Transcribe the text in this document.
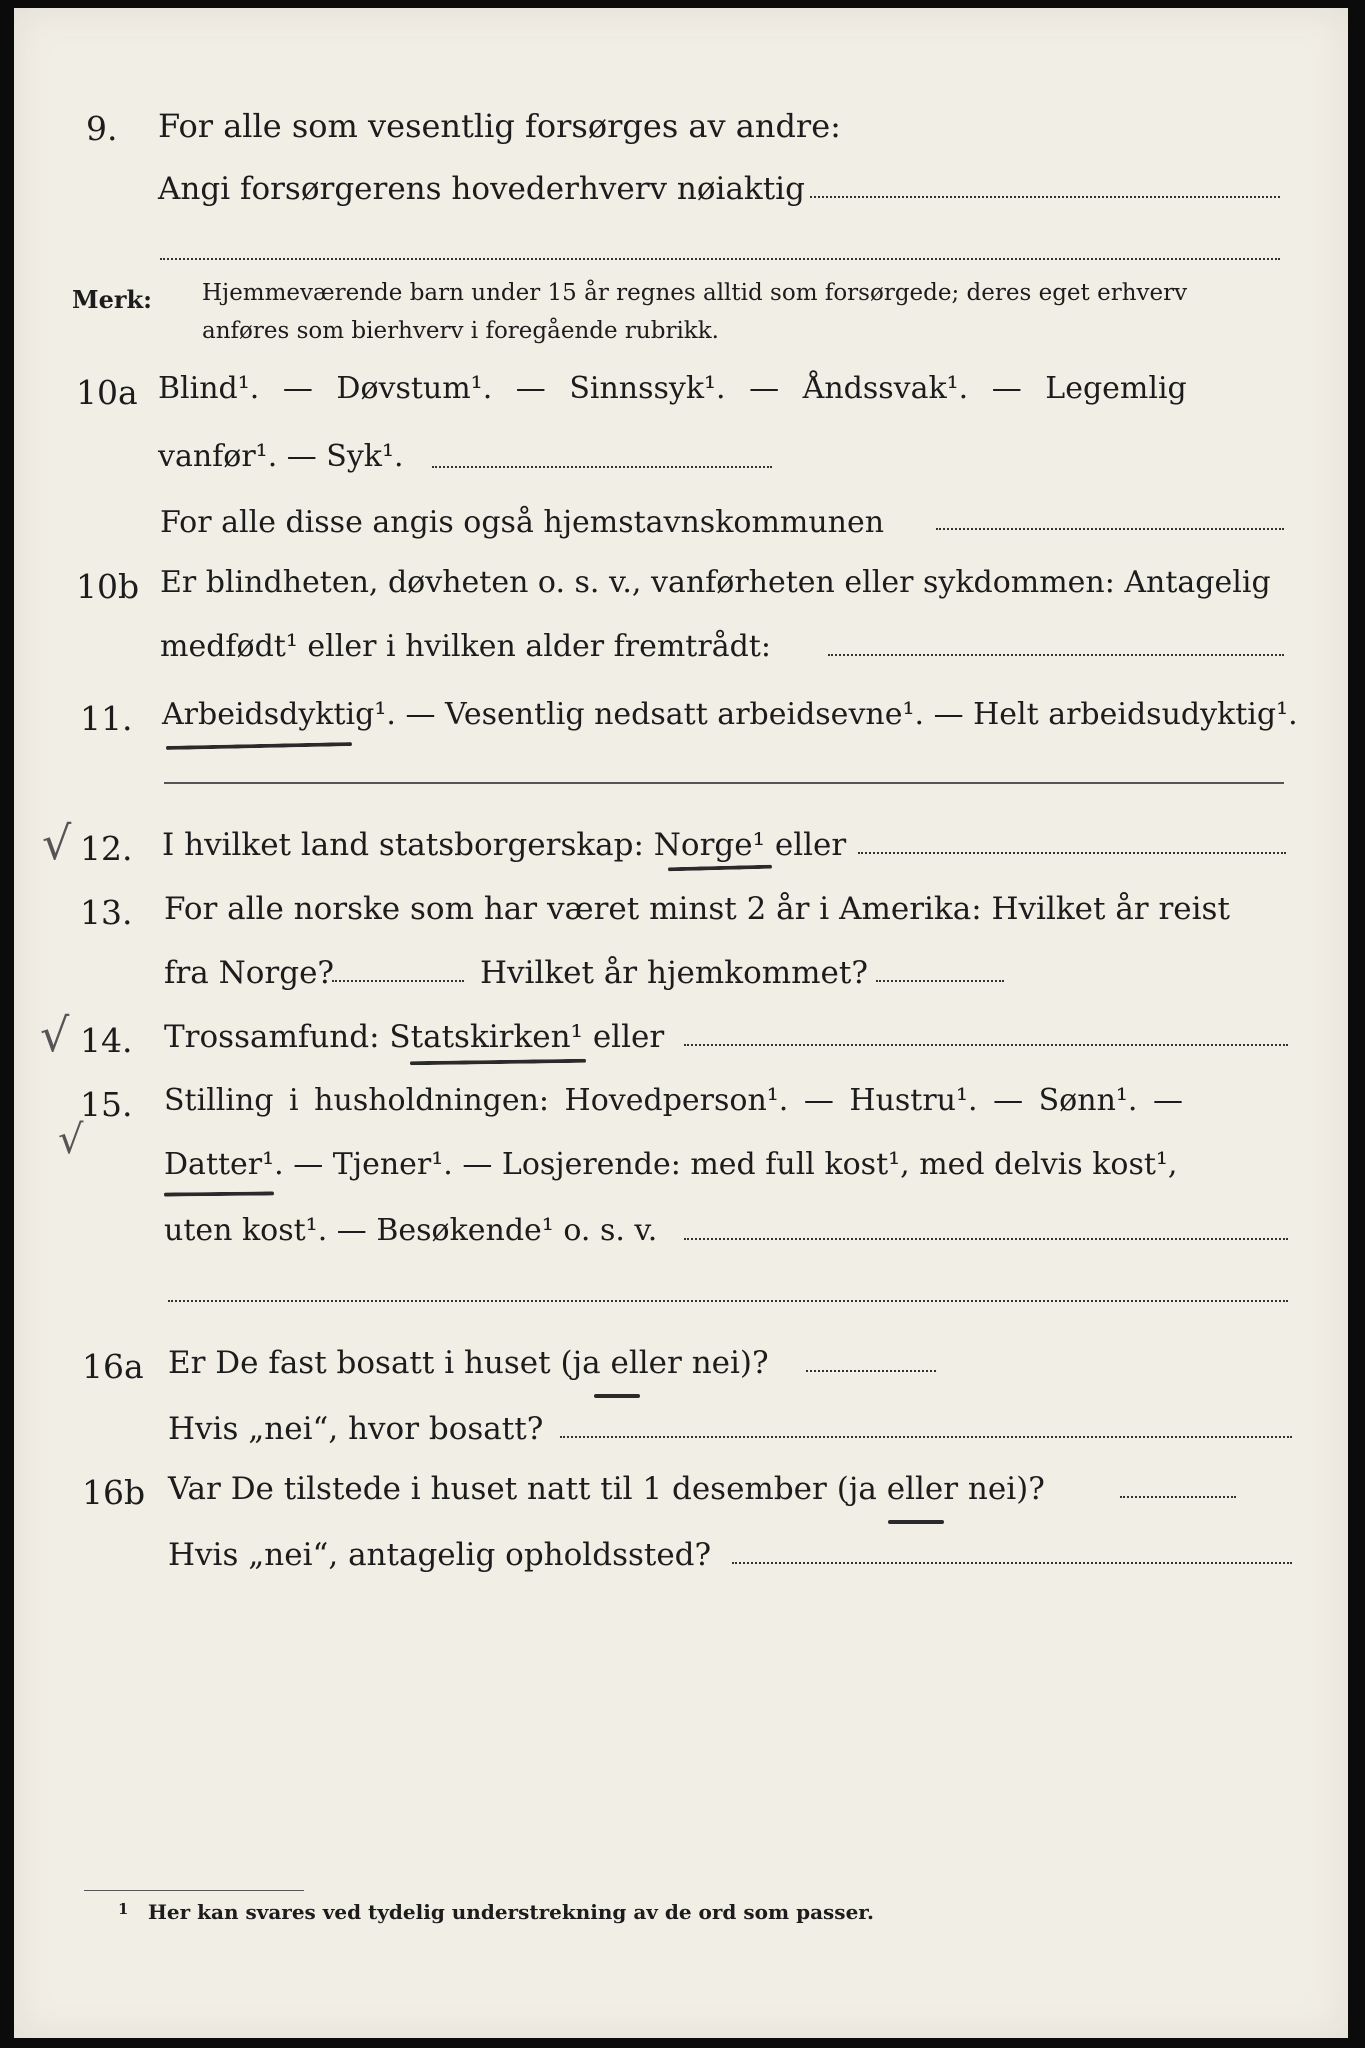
9. For alle som vesentlig forsørges av andre:
Angi forsørgerens hovederhverv nøiaktig
Merk: Hjemmeværende barn under 15 år regnes alltid som forsørgede; deres eget erhverv
anføres som bierhverv i foregående rubrikk.
10a Blind¹. — Døvstum¹. — Sinnssyk¹. — Åndssvak¹. — Legemlig
vanfør¹. — Syk¹.
For alle disse angis også hjemstavnskommunen
10b Er blindheten, døvheten o. s. v., vanførheten eller sykdommen: Antagelig
medfødt¹ eller i hvilken alder fremtrådt:
11. Arbeidsdyktig¹. — Vesentlig nedsatt arbeidsevne¹. — Helt arbeidsudyktig¹.
√ 12. I hvilket land statsborgerskap: Norge¹ eller
13. For alle norske som har været minst 2 år i Amerika: Hvilket år reist
fra Norge?	Hvilket år hjemkommet?
√ 14. Trossamfund: Statskirken¹ eller
√
15. Stilling i husholdningen: Hovedperson¹. — Hustru¹. — Sønn¹. —
Datter¹. — Tjener¹. — Losjerende: med full kost¹, med delvis kost¹,
uten kost¹. — Besøkende¹ o. s. v.
16a Er De fast bosatt i huset (ja eller nei)?
Hvis „nei“, hvor bosatt?
16b Var De tilstede i huset natt til 1 desember (ja eller nei)?
Hvis „nei“, antagelig opholdssted?
1 Her kan svares ved tydelig understrekning av de ord som passer.
